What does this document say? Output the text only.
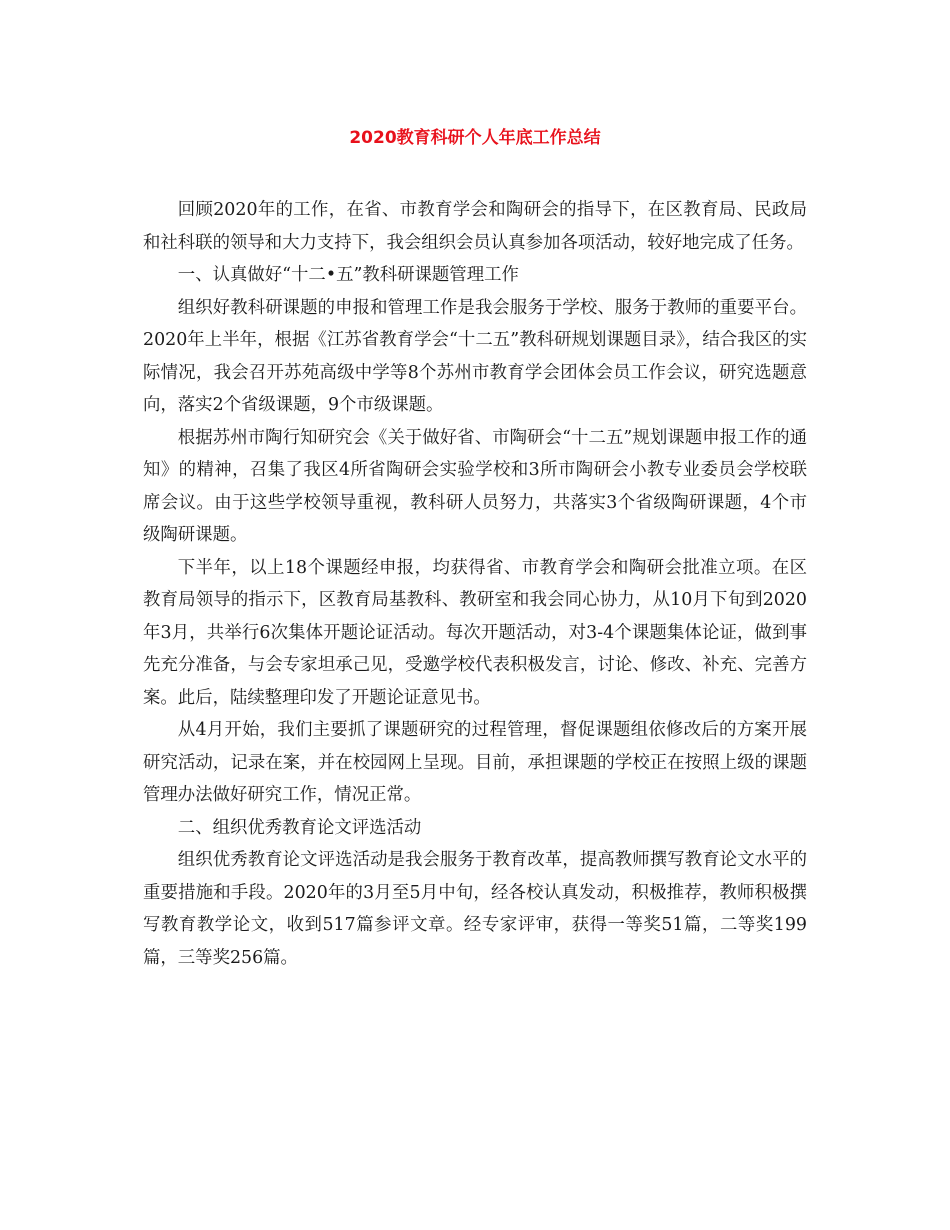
2020教育科研个人年底工作总结

回顾2020年的工作，在省、市教育学会和陶研会的指导下，在区教育局、民政局和社科联的领导和大力支持下，我会组织会员认真参加各项活动，较好地完成了任务。

一、认真做好“十二•五”教科研课题管理工作

组织好教科研课题的申报和管理工作是我会服务于学校、服务于教师的重要平台。2020年上半年，根据《江苏省教育学会“十二五”教科研规划课题目录》，结合我区的实际情况，我会召开苏苑高级中学等8个苏州市教育学会团体会员工作会议，研究选题意向，落实2个省级课题，9个市级课题。

根据苏州市陶行知研究会《关于做好省、市陶研会“十二五”规划课题申报工作的通知》的精神，召集了我区4所省陶研会实验学校和3所市陶研会小教专业委员会学校联席会议。由于这些学校领导重视，教科研人员努力，共落实3个省级陶研课题，4个市级陶研课题。

下半年，以上18个课题经申报，均获得省、市教育学会和陶研会批准立项。在区教育局领导的指示下，区教育局基教科、教研室和我会同心协力，从10月下旬到2020年3月，共举行6次集体开题论证活动。每次开题活动，对3-4个课题集体论证，做到事先充分准备，与会专家坦承己见，受邀学校代表积极发言，讨论、修改、补充、完善方案。此后，陆续整理印发了开题论证意见书。

从4月开始，我们主要抓了课题研究的过程管理，督促课题组依修改后的方案开展研究活动，记录在案，并在校园网上呈现。目前，承担课题的学校正在按照上级的课题管理办法做好研究工作，情况正常。

二、组织优秀教育论文评选活动

组织优秀教育论文评选活动是我会服务于教育改革，提高教师撰写教育论文水平的重要措施和手段。2020年的3月至5月中旬，经各校认真发动，积极推荐，教师积极撰写教育教学论文，收到517篇参评文章。经专家评审，获得一等奖51篇，二等奖199篇，三等奖256篇。
